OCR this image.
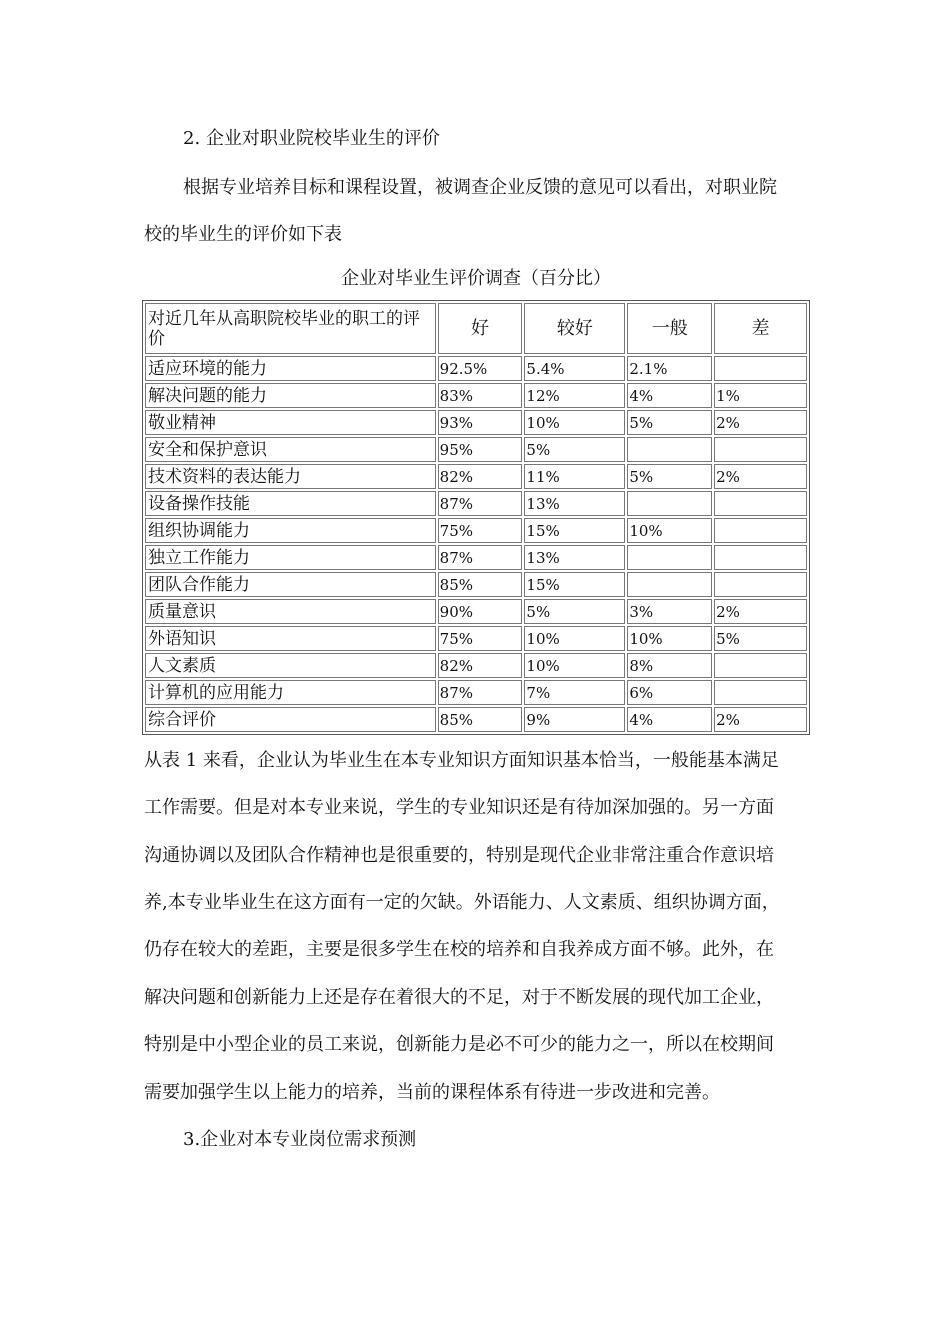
2. 企业对职业院校毕业生的评价
根据专业培养目标和课程设置，被调查企业反馈的意见可以看出，对职业院
校的毕业生的评价如下表
企业对毕业生评价调查（百分比）
对近几年从高职院校毕业的职工的评价	好	较好	一般	差
适应环境的能力	92.5%	5.4%	2.1%	
解决问题的能力	83%	12%	4%	1%
敬业精神	93%	10%	5%	2%
安全和保护意识	95%	5%		
技术资料的表达能力	82%	11%	5%	2%
设备操作技能	87%	13%		
组织协调能力	75%	15%	10%	
独立工作能力	87%	13%		
团队合作能力	85%	15%		
质量意识	90%	5%	3%	2%
外语知识	75%	10%	10%	5%
人文素质	82%	10%	8%	
计算机的应用能力	87%	7%	6%	
综合评价	85%	9%	4%	2%
从表 1 来看，企业认为毕业生在本专业知识方面知识基本恰当，一般能基本满足
工作需要。但是对本专业来说，学生的专业知识还是有待加深加强的。另一方面
沟通协调以及团队合作精神也是很重要的，特别是现代企业非常注重合作意识培
养,本专业毕业生在这方面有一定的欠缺。外语能力、人文素质、组织协调方面，
仍存在较大的差距，主要是很多学生在校的培养和自我养成方面不够。此外，在
解决问题和创新能力上还是存在着很大的不足，对于不断发展的现代加工企业，
特别是中小型企业的员工来说，创新能力是必不可少的能力之一，所以在校期间
需要加强学生以上能力的培养，当前的课程体系有待进一步改进和完善。
3.企业对本专业岗位需求预测
